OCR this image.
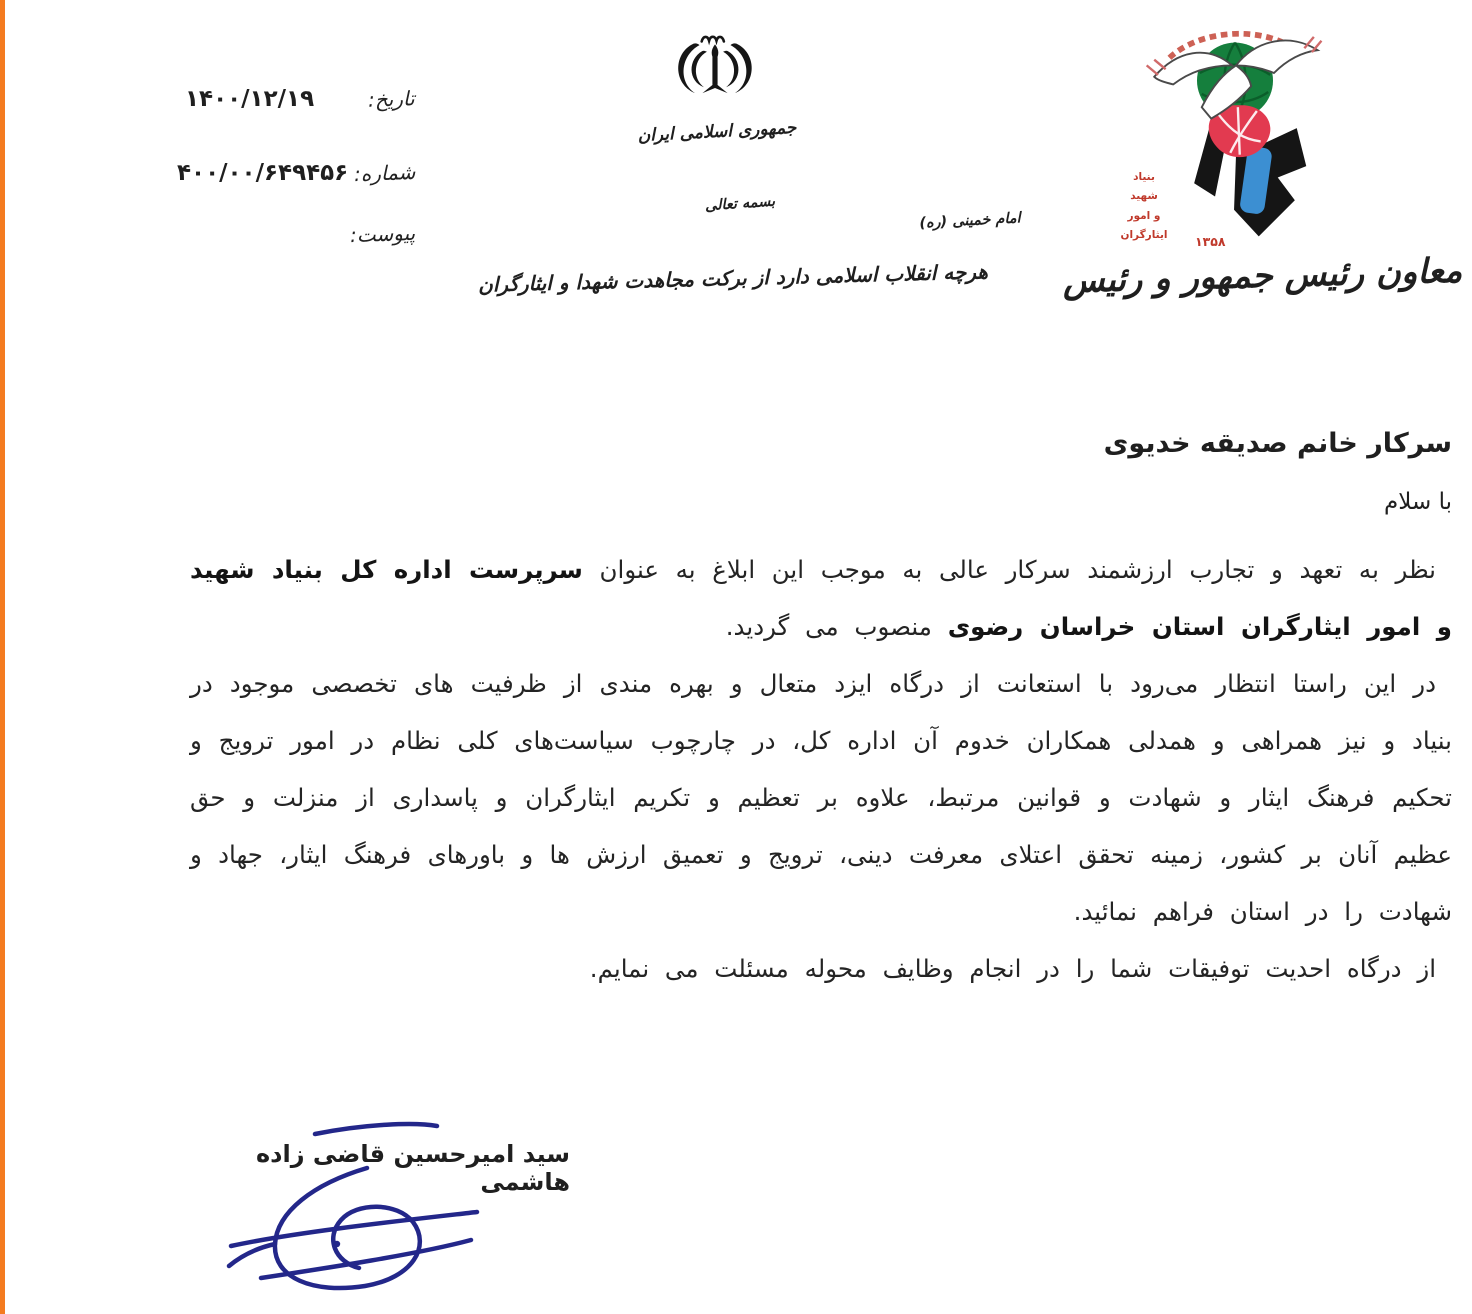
تاریخ:
۱۴۰۰/۱۲/۱۹
شماره:
۴۰۰/۰۰/۶۴۹۴۵۶
پیوست:
جمهوری اسلامی ایران
بسمه تعالی
امام خمینی (ره)
هرچه انقلاب اسلامی دارد از برکت مجاهدت شهدا و ایثارگران
بنیاد
شهید
و امور ایثارگران	۱۳۵۸
معاون رئیس جمهور و رئیس
سرکار خانم صدیقه خدیوی
با سلام

نظر به تعهد و تجارب ارزشمند سرکار عالی به موجب این ابلاغ به عنوان سرپرست اداره کل بنیاد شهید و امور ایثارگران استان خراسان رضوی منصوب می گردید.

در این راستا انتظار می‌رود با استعانت از درگاه ایزد متعال و بهره مندی از ظرفیت های تخصصی موجود در بنیاد و نیز همراهی و همدلی همکاران خدوم آن اداره کل، در چارچوب سیاست‌های کلی نظام در امور ترویج و تحکیم فرهنگ ایثار و شهادت و قوانین مرتبط، علاوه بر تعظیم و تکریم ایثارگران و پاسداری از منزلت و حق عظیم آنان بر کشور، زمینه تحقق اعتلای معرفت دینی، ترویج و تعمیق ارزش ها و باورهای فرهنگ ایثار، جهاد و شهادت را در استان فراهم نمائید.

از درگاه احدیت توفیقات شما را در انجام وظایف محوله مسئلت می نمایم.

سید امیرحسین قاضی زاده هاشمی
